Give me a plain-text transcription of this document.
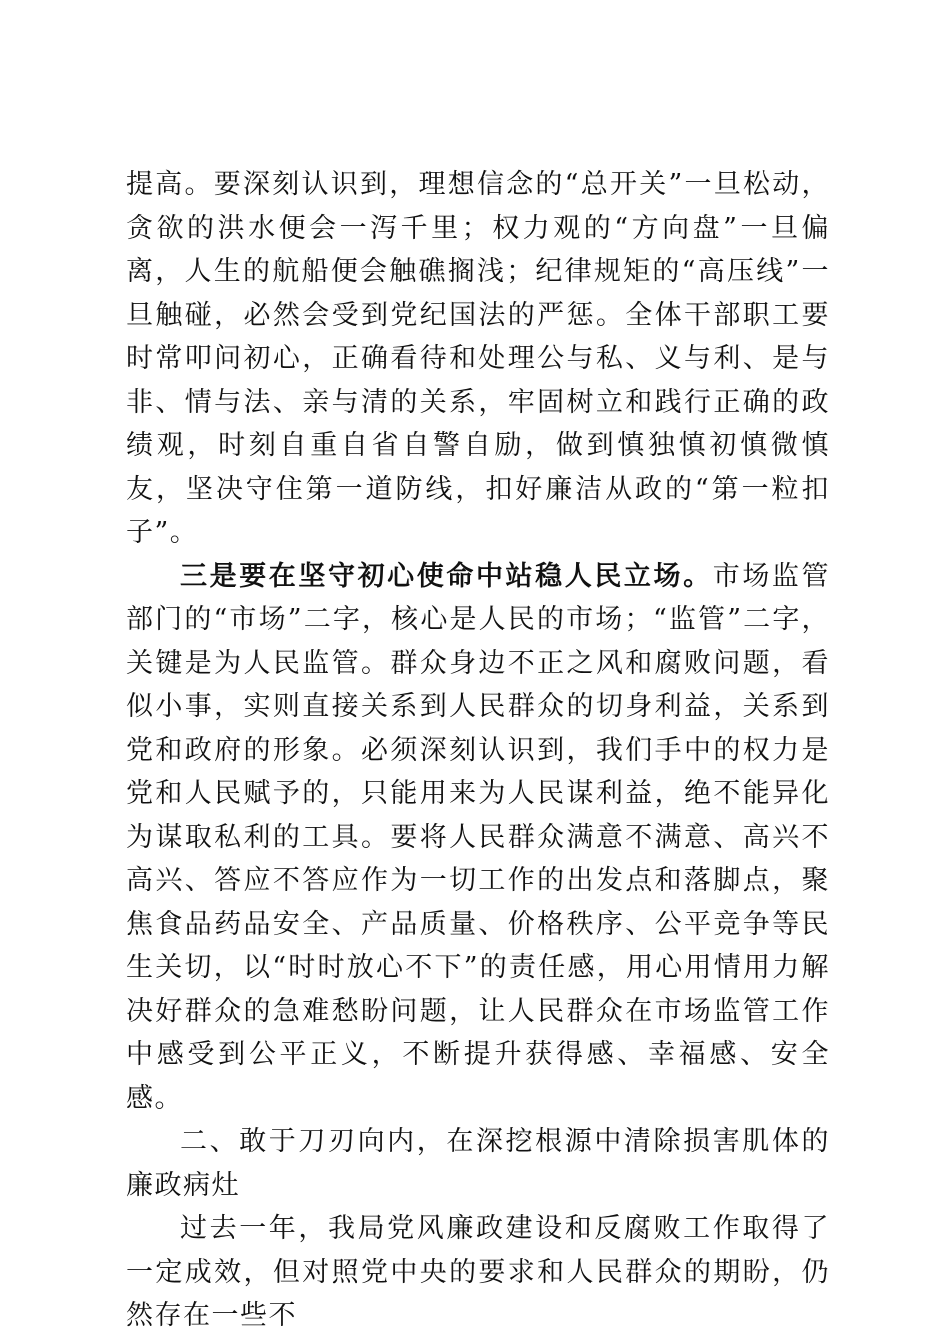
提高。要深刻认识到，理想信念的“总开关”一旦松动，贪欲的洪水便会一泻千里；权力观的“方向盘”一旦偏离，人生的航船便会触礁搁浅；纪律规矩的“高压线”一旦触碰，必然会受到党纪国法的严惩。全体干部职工要时常叩问初心，正确看待和处理公与私、义与利、是与非、情与法、亲与清的关系，牢固树立和践行正确的政绩观，时刻自重自省自警自励，做到慎独慎初慎微慎友，坚决守住第一道防线，扣好廉洁从政的“第一粒扣子”。

三是要在坚守初心使命中站稳人民立场。市场监管部门的“市场”二字，核心是人民的市场；“监管”二字，关键是为人民监管。群众身边不正之风和腐败问题，看似小事，实则直接关系到人民群众的切身利益，关系到党和政府的形象。必须深刻认识到，我们手中的权力是党和人民赋予的，只能用来为人民谋利益，绝不能异化为谋取私利的工具。要将人民群众满意不满意、高兴不高兴、答应不答应作为一切工作的出发点和落脚点，聚焦食品药品安全、产品质量、价格秩序、公平竞争等民生关切，以“时时放心不下”的责任感，用心用情用力解决好群众的急难愁盼问题，让人民群众在市场监管工作中感受到公平正义，不断提升获得感、幸福感、安全感。

二、敢于刀刃向内，在深挖根源中清除损害肌体的廉政病灶

过去一年，我局党风廉政建设和反腐败工作取得了一定成效，但对照党中央的要求和人民群众的期盼，仍然存在一些不
